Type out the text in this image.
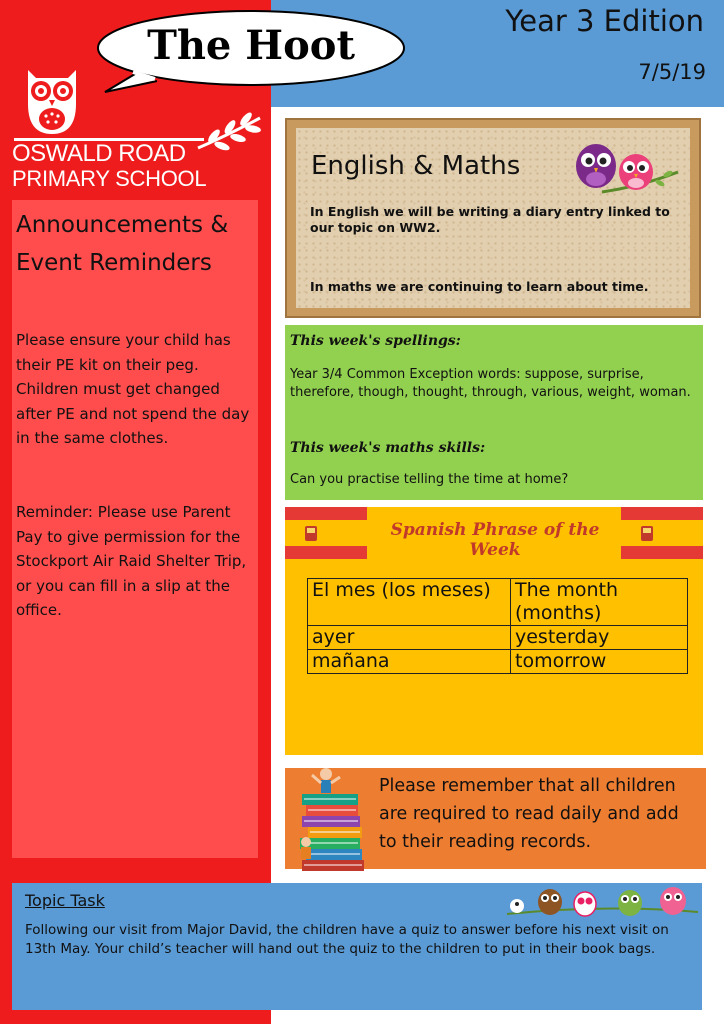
The Hoot
Year 3 Edition
7/5/19
OSWALD ROAD
PRIMARY SCHOOL
Announcements & Event Reminders
Please ensure your child has their PE kit on their peg. Children must get changed after PE and not spend the day in the same clothes.
Reminder: Please use Parent Pay to give permission for the Stockport Air Raid Shelter Trip, or you can fill in a slip at the office.
English & Maths
In English we will be writing a diary entry linked to our topic on WW2.
In maths we are continuing to learn about time.
This week's spellings:
Year 3/4 Common Exception words: suppose, surprise, therefore, though, thought, through, various, weight, woman.
This week's maths skills:
Can you practise telling the time at home?
Spanish Phrase of the Week
El mes (los meses)	The month (months)
ayer	yesterday
mañana	tomorrow
Please remember that all children are required to read daily and add to their reading records.
Topic Task
Following our visit from Major David, the children have a quiz to answer before his next visit on 13th May. Your child’s teacher will hand out the quiz to the children to put in their book bags.
